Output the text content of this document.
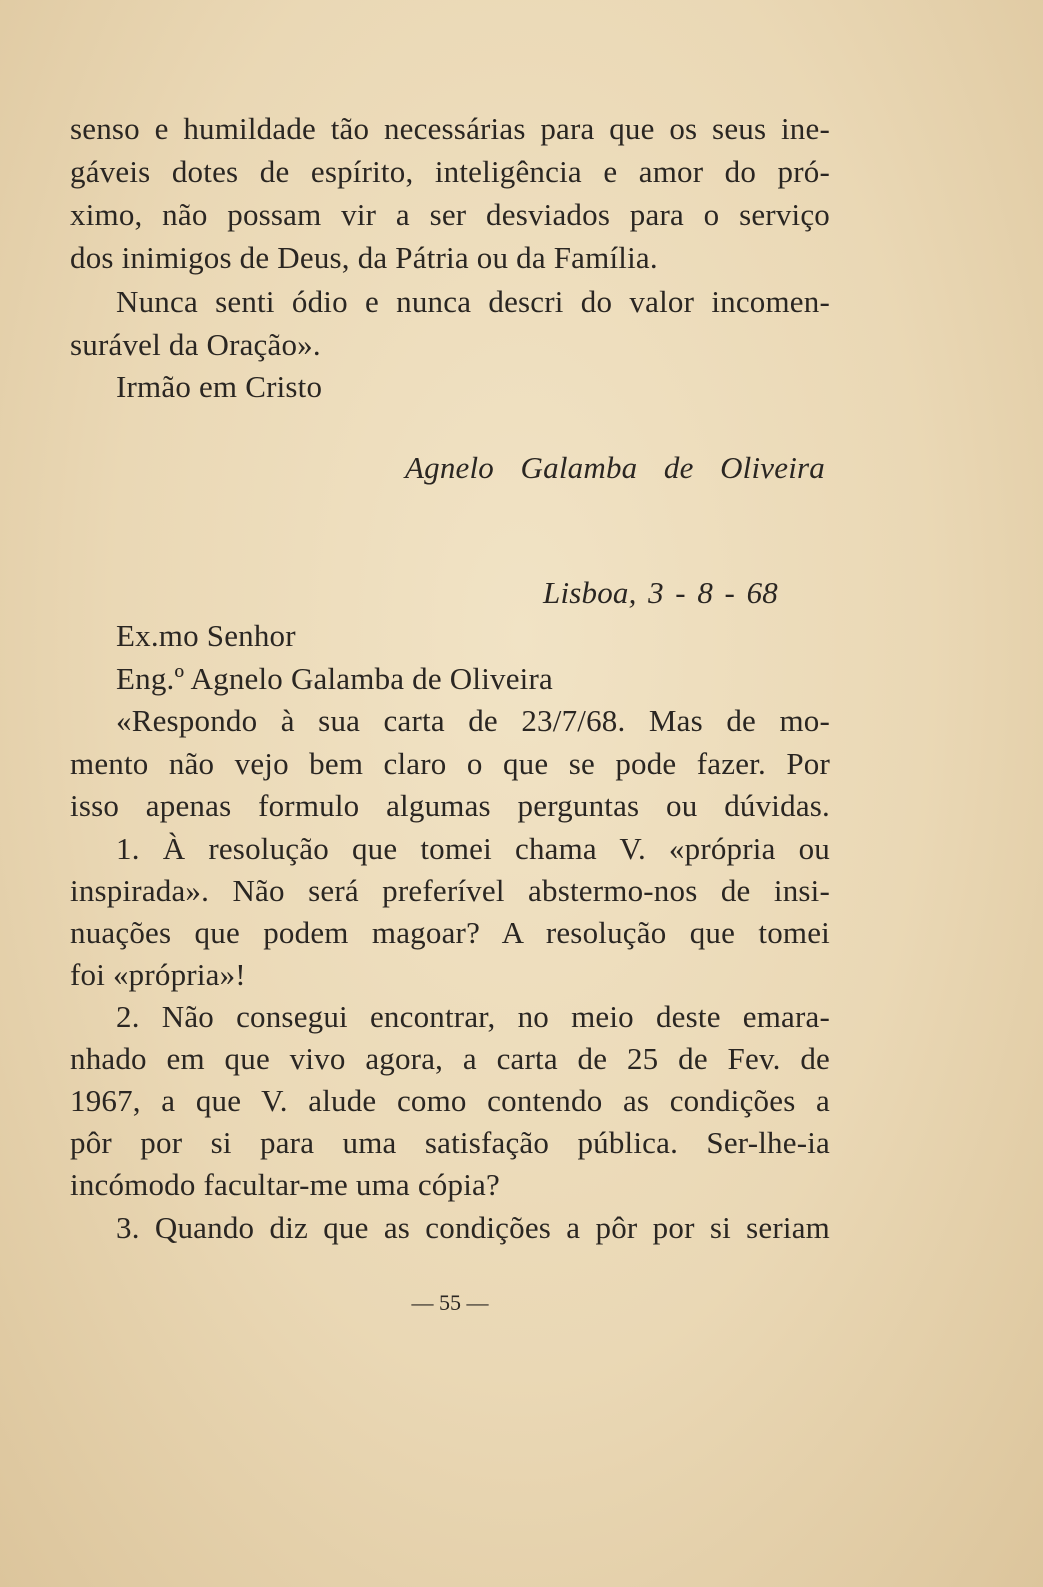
senso e humildade tão necessárias para que os seus ine-
gáveis dotes de espírito, inteligência e amor do pró-
ximo, não possam vir a ser desviados para o serviço
dos inimigos de Deus, da Pátria ou da Família.
Nunca senti ódio e nunca descri do valor incomen-
surável da Oração».
Irmão em Cristo
Agnelo Galamba de Oliveira
Lisboa, 3 - 8 - 68
Ex.mo Senhor
Eng.º Agnelo Galamba de Oliveira
«Respondo à sua carta de 23/7/68. Mas de mo-
mento não vejo bem claro o que se pode fazer. Por
isso apenas formulo algumas perguntas ou dúvidas.
1. À resolução que tomei chama V. «própria ou
inspirada». Não será preferível abstermo-nos de insi-
nuações que podem magoar? A resolução que tomei
foi «própria»!
2. Não consegui encontrar, no meio deste emara-
nhado em que vivo agora, a carta de 25 de Fev. de
1967, a que V. alude como contendo as condições a
pôr por si para uma satisfação pública. Ser-lhe-ia
incómodo facultar-me uma cópia?
3. Quando diz que as condições a pôr por si seriam
— 55 —
